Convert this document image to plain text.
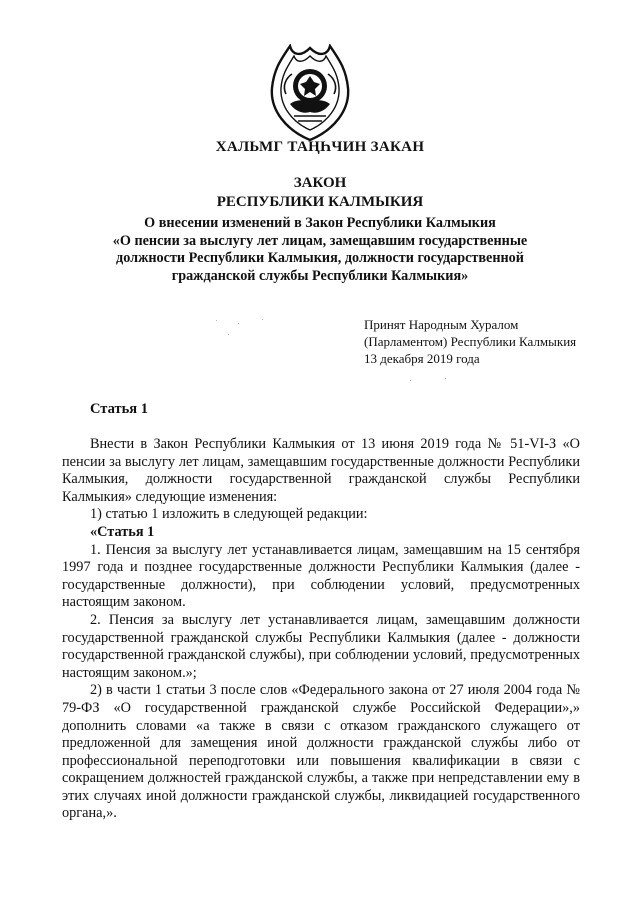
ХАЛЬМГ ТАҢҺЧИН ЗАКАН
ЗАКОН
РЕСПУБЛИКИ КАЛМЫКИЯ
О внесении изменений в Закон Республики Калмыкия
«О пенсии за выслугу лет лицам, замещавшим государственные
должности Республики Калмыкия, должности государственной
гражданской службы Республики Калмыкия»
Принят Народным Хуралом
(Парламентом) Республики Калмыкия
13 декабря 2019 года
Статья 1

Внести в Закон Республики Калмыкия от 13 июня 2019 года № 51-VI-З «О пенсии за выслугу лет лицам, замещавшим государственные должности Республики Калмыкия, должности государственной гражданской службы Республики Калмыкия» следующие изменения:

1) статью 1 изложить в следующей редакции:

«Статья 1

1. Пенсия за выслугу лет устанавливается лицам, замещавшим на 15 сентября 1997 года и позднее государственные должности Республики Калмыкия (далее - государственные должности), при соблюдении условий, предусмотренных настоящим законом.

2. Пенсия за выслугу лет устанавливается лицам, замещавшим должности государственной гражданской службы Республики Калмыкия (далее - должности государственной гражданской службы), при соблюдении условий, предусмотренных настоящим законом.»;

2) в части 1 статьи 3 после слов «Федерального закона от 27 июля 2004 года № 79-ФЗ «О государственной гражданской службе Российской Федерации»,» дополнить словами «а также в связи с отказом гражданского служащего от предложенной для замещения иной должности гражданской службы либо от профессиональной переподготовки или повышения квалификации в связи с сокращением должностей гражданской службы, а также при непредставлении ему в этих случаях иной должности гражданской службы, ликвидацией государственного органа,».
